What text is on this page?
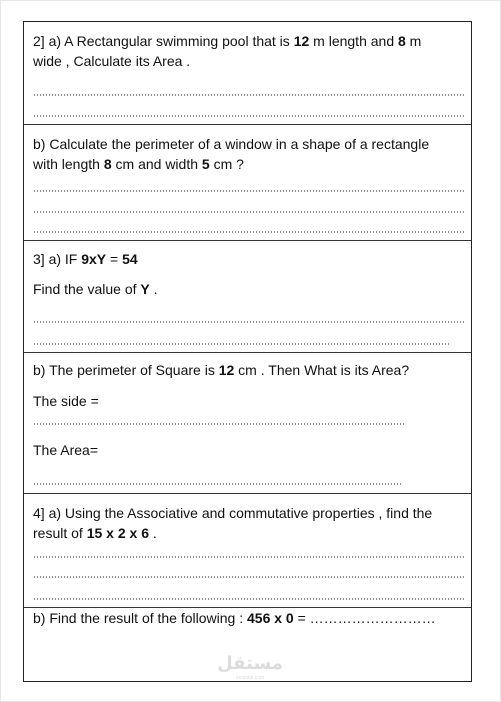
2] a) A Rectangular swimming pool that is 12 m length and 8 m
wide , Calculate its Area .
b) Calculate the perimeter of a window in a shape of a rectangle
with length 8 cm and width 5 cm ?
3] a) IF 9xY = 54
Find the value of Y .
b) The perimeter of Square is 12 cm . Then What is its Area?
The side =
The Area=
4] a) Using the Associative and commutative properties , find the
result of 15 x 2 x 6 .
b) Find the result of the following : 456 x 0 = ………………………
مستقل
mostaql.com
